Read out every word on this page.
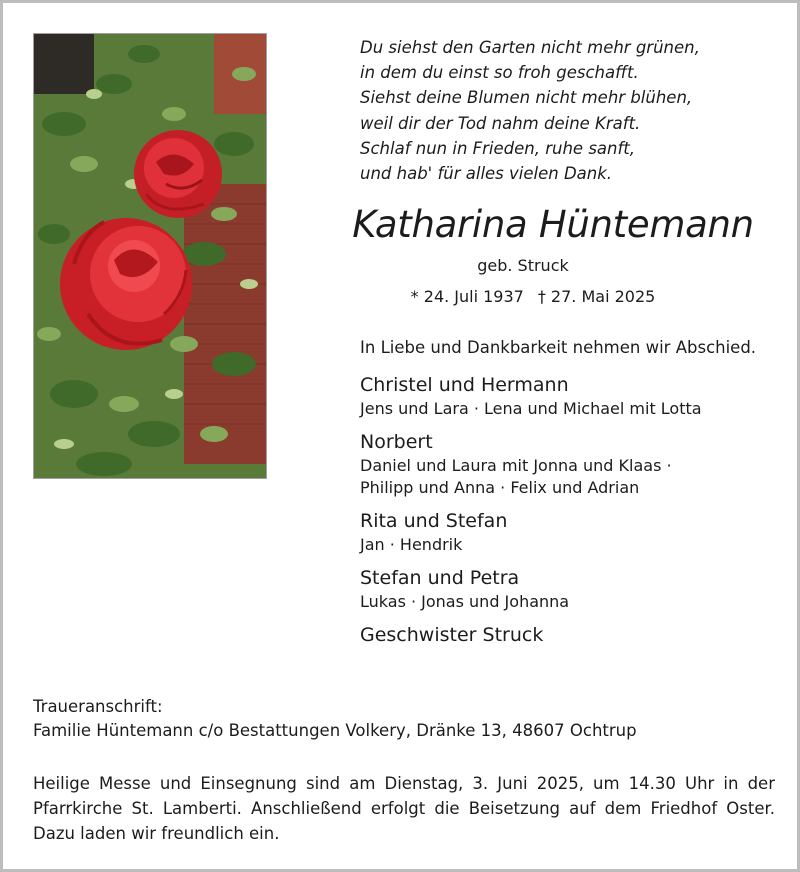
Du siehst den Garten nicht mehr grünen,
in dem du einst so froh geschafft.
Siehst deine Blumen nicht mehr blühen,
weil dir der Tod nahm deine Kraft.
Schlaf nun in Frieden, ruhe sanft,
und hab' für alles vielen Dank.
Katharina Hüntemann
geb. Struck
* 24. Juli 1937 † 27. Mai 2025
In Liebe und Dankbarkeit nehmen wir Abschied.
Christel und Hermann
Jens und Lara · Lena und Michael mit Lotta
Norbert
Daniel und Laura mit Jonna und Klaas ·
Philipp und Anna · Felix und Adrian
Rita und Stefan
Jan · Hendrik
Stefan und Petra
Lukas · Jonas und Johanna
Geschwister Struck
Traueranschrift:
Familie Hüntemann c/o Bestattungen Volkery, Dränke 13, 48607 Ochtrup
Heilige Messe und Einsegnung sind am Dienstag, 3. Juni 2025, um 14.30 Uhr in der
Pfarrkirche St. Lamberti. Anschließend erfolgt die Beisetzung auf dem Friedhof Oster.
Dazu laden wir freundlich ein.
